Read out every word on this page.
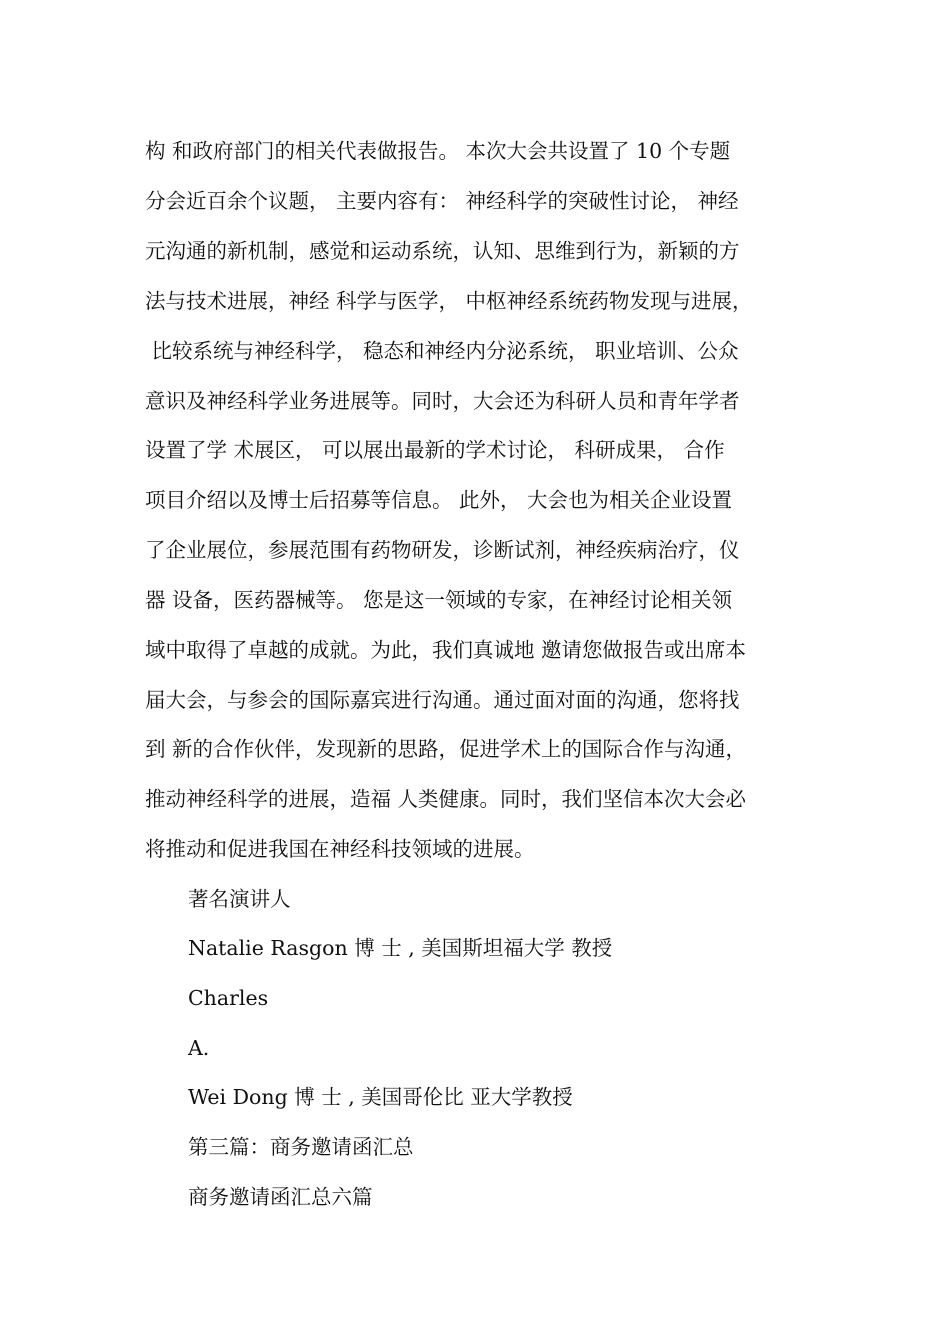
构 和政府部门的相关代表做报告。 本次大会共设置了 10 个专题
分会近百余个议题， 主要内容有： 神经科学的突破性讨论， 神经
元沟通的新机制，感觉和运动系统，认知、思维到行为，新颖的方
法与技术进展，神经 科学与医学， 中枢神经系统药物发现与进展，
比较系统与神经科学， 稳态和神经内分泌系统， 职业培训、公众
意识及神经科学业务进展等。同时，大会还为科研人员和青年学者
设置了学 术展区， 可以展出最新的学术讨论， 科研成果， 合作
项目介绍以及博士后招募等信息。 此外， 大会也为相关企业设置
了企业展位，参展范围有药物研发，诊断试剂，神经疾病治疗，仪
器 设备，医药器械等。 您是这一领域的专家，在神经讨论相关领
域中取得了卓越的成就。为此，我们真诚地 邀请您做报告或出席本
届大会，与参会的国际嘉宾进行沟通。通过面对面的沟通，您将找
到 新的合作伙伴，发现新的思路，促进学术上的国际合作与沟通，
推动神经科学的进展，造福 人类健康。同时，我们坚信本次大会必
将推动和促进我国在神经科技领域的进展。
著名演讲人
Natalie Rasgon 博 士 , 美国斯坦福大学 教授
Charles
A.
Wei Dong 博 士 , 美国哥伦比 亚大学教授
第三篇：商务邀请函汇总
商务邀请函汇总六篇
